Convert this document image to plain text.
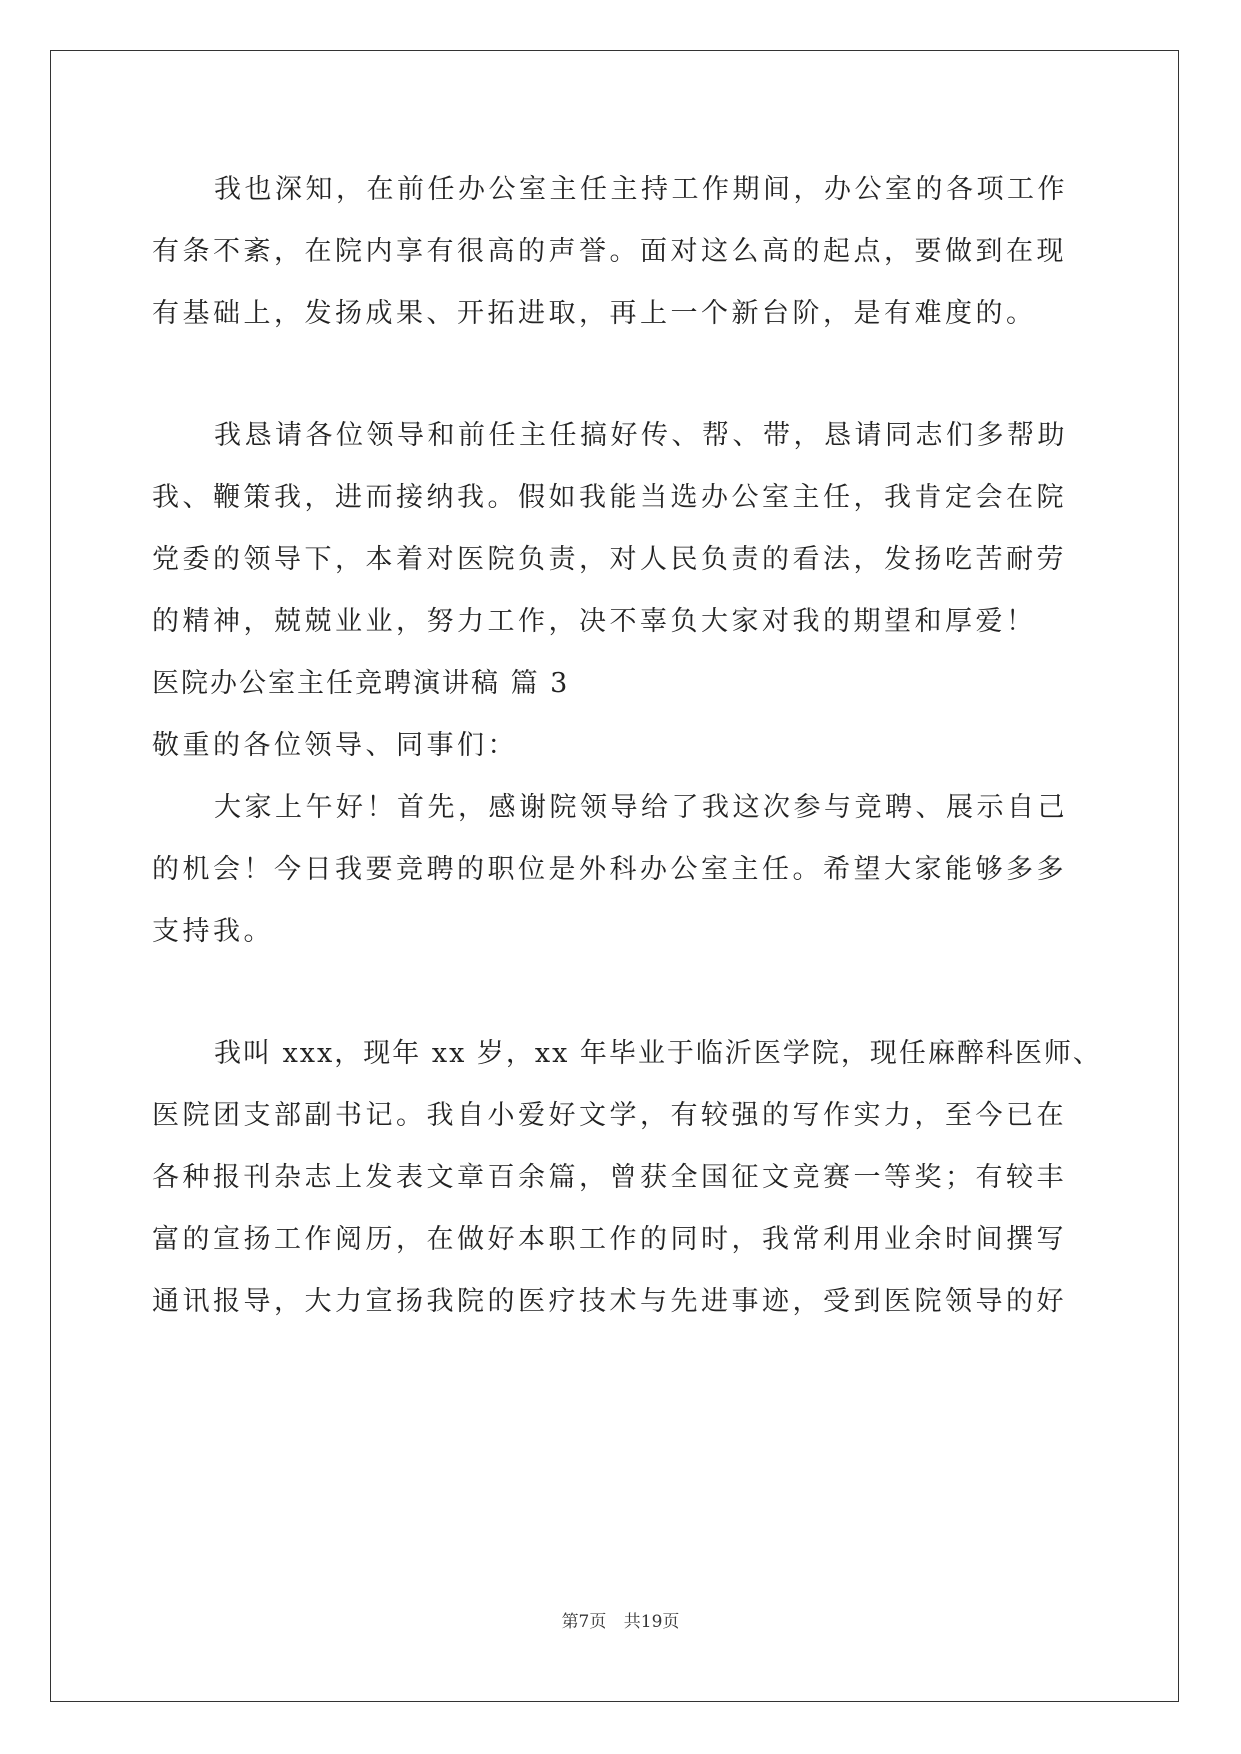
我也深知，在前任办公室主任主持工作期间，办公室的各项工作
有条不紊，在院内享有很高的声誉。面对这么高的起点，要做到在现
有基础上，发扬成果、开拓进取，再上一个新台阶，是有难度的。
我恳请各位领导和前任主任搞好传、帮、带，恳请同志们多帮助
我、鞭策我，进而接纳我。假如我能当选办公室主任，我肯定会在院
党委的领导下，本着对医院负责，对人民负责的看法，发扬吃苦耐劳
的精神，兢兢业业，努力工作，决不辜负大家对我的期望和厚爱！
医院办公室主任竞聘演讲稿 篇 3
敬重的各位领导、同事们：
大家上午好！首先，感谢院领导给了我这次参与竞聘、展示自己
的机会！今日我要竞聘的职位是外科办公室主任。希望大家能够多多
支持我。
我叫 xxx，现年 xx 岁，xx 年毕业于临沂医学院，现任麻醉科医师、
医院团支部副书记。我自小爱好文学，有较强的写作实力，至今已在
各种报刊杂志上发表文章百余篇，曾获全国征文竞赛一等奖；有较丰
富的宣扬工作阅历，在做好本职工作的同时，我常利用业余时间撰写
通讯报导，大力宣扬我院的医疗技术与先进事迹，受到医院领导的好
第7页 共19页
